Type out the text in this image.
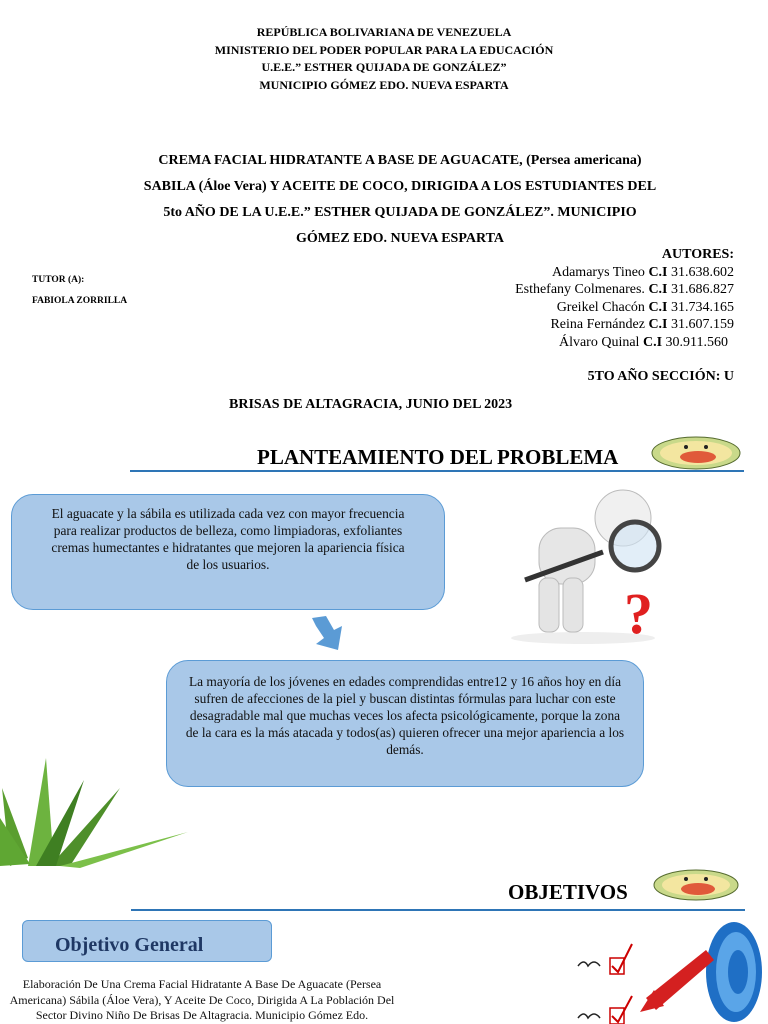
REPÚBLICA BOLIVARIANA DE VENEZUELA
MINISTERIO DEL PODER POPULAR PARA LA EDUCACIÓN
U.E.E.” ESTHER QUIJADA DE GONZÁLEZ”
MUNICIPIO GÓMEZ EDO. NUEVA ESPARTA
CREMA FACIAL HIDRATANTE A BASE DE AGUACATE, (Persea americana)
SABILA (Áloe Vera) Y ACEITE DE COCO, DIRIGIDA A LOS ESTUDIANTES DEL
5to AÑO DE LA U.E.E.” ESTHER QUIJADA DE GONZÁLEZ”. MUNICIPIO
GÓMEZ EDO. NUEVA ESPARTA
AUTORES:
Adamarys Tineo C.I 31.638.602
Esthefany Colmenares. C.I 31.686.827
Greikel Chacón C.I 31.734.165
Reina Fernández C.I 31.607.159
Álvaro Quinal C.I 30.911.560
TUTOR (A):
FABIOLA ZORRILLA
5TO AÑO SECCIÓN: U
BRISAS DE ALTAGRACIA, JUNIO DEL 2023
PLANTEAMIENTO DEL PROBLEMA
El aguacate y la sábila es utilizada cada vez con mayor frecuencia para realizar productos de belleza, como limpiadoras, exfoliantes cremas humectantes e hidratantes que mejoren la apariencia física de los usuarios.
?
La mayoría de los jóvenes en edades comprendidas entre12 y 16 años hoy en día sufren de afecciones de la piel y buscan distintas fórmulas para luchar con este desagradable mal que muchas veces los afecta psicológicamente, porque la zona de la cara es la más atacada y todos(as) quieren ofrecer una mejor apariencia a los demás.
OBJETIVOS
Objetivo General
Elaboración De Una Crema Facial Hidratante A Base De Aguacate (Persea Americana) Sábila (Áloe Vera), Y Aceite De Coco, Dirigida A La Población Del Sector Divino Niño De Brisas De Altagracia. Municipio Gómez Edo.
